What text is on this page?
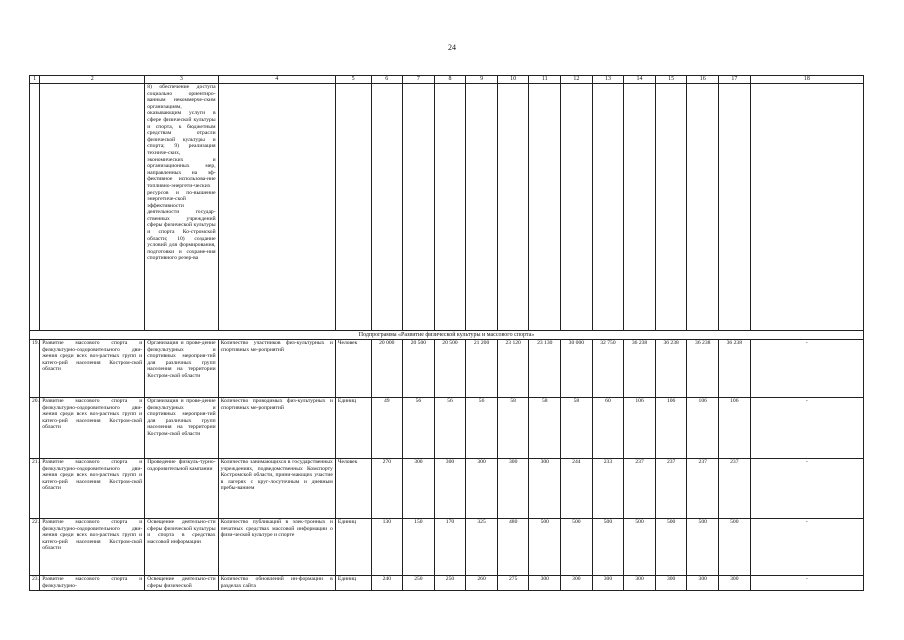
24
1	2	3	4	5	6	7	8	9	10	11	12	13	14	15	16	17	18
		8) обеспечение доступа социально ориентиро-ванным некоммерче-ским организациям, оказывающим услуги в сфере физической культуры и спорта, к бюджетным средствам отрасли физической культуры и спорта; 9) реализация техниче-ских, экономических и организационных мер, направленных на эф-фективное использова-ние топливно-энергети-ческих ресурсов и по-вышение энергетиче-ской эффективности деятельности государ-ственных учреждений сферы физической культуры и спорта Ко-стромской области; 10) создание условий для формирования, подготовки и сохране-ния спортивного резер-ва															
Подпрограмма «Развитие физической культуры и массового спорта»																	
19.	Развитие массового спорта и физкультурно-оздоровительного дви-жения среди всех воз-растных групп и катего-рий населения Костром-ской области	Организация и прове-дение физкультурных и спортивных мероприя-тий для различных групп населения на территории Костром-ской области	Количество участников физ-культурных и спортивных ме-роприятий	Человек	20 000	20 500	20 500	21 200	23 120	23 130	30 000	32 750	36 238	36 238	36 238	36 238	-
20.	Развитие массового спорта и физкультурно-оздоровительного дви-жения среди всех воз-растных групп и катего-рий населения Костром-ской области	Организация и прове-дение физкультурных и спортивных мероприя-тий для различных групп населения на территории Костром-ской области	Количество проводимых физ-культурных и спортивных ме-роприятий	Единиц	49	56	56	56	58	58	58	60	106	106	106	106	-
21.	Развитие массового спорта и физкультурно-оздоровительного дви-жения среди всех воз-растных групп и катего-рий населения Костром-ской области	Проведение физкуль-турно-оздоровительной кампании	Количество занимающихся в государственных учреждениях, подведомственных Комспорту Костромской области, прини-мающих участие в лагерях с круг-лосуточным и дневным пребы-ванием	Человек	270	300	300	300	300	300	244	233	237	237	237	237	-
22.	Развитие массового спорта и физкультурно-оздоровительного дви-жения среди всех воз-растных групп и катего-рий населения Костром-ской области	Освещение деятельно-сти сферы физической культуры и спорта в средствах массовой информации	Количество публикаций в элек-тронных и печатных средствах массовой информации о физи-ческой культуре и спорте	Единиц	130	150	170	325	480	500	500	500	500	500	500	500	-
23.	Развитие массового спорта и физкультурно-	Освещение деятельно-сти сферы физической	Количество обновлений ин-формации в разделах сайта	Единиц	240	250	250	260	275	300	300	300	300	300	300	300	-
